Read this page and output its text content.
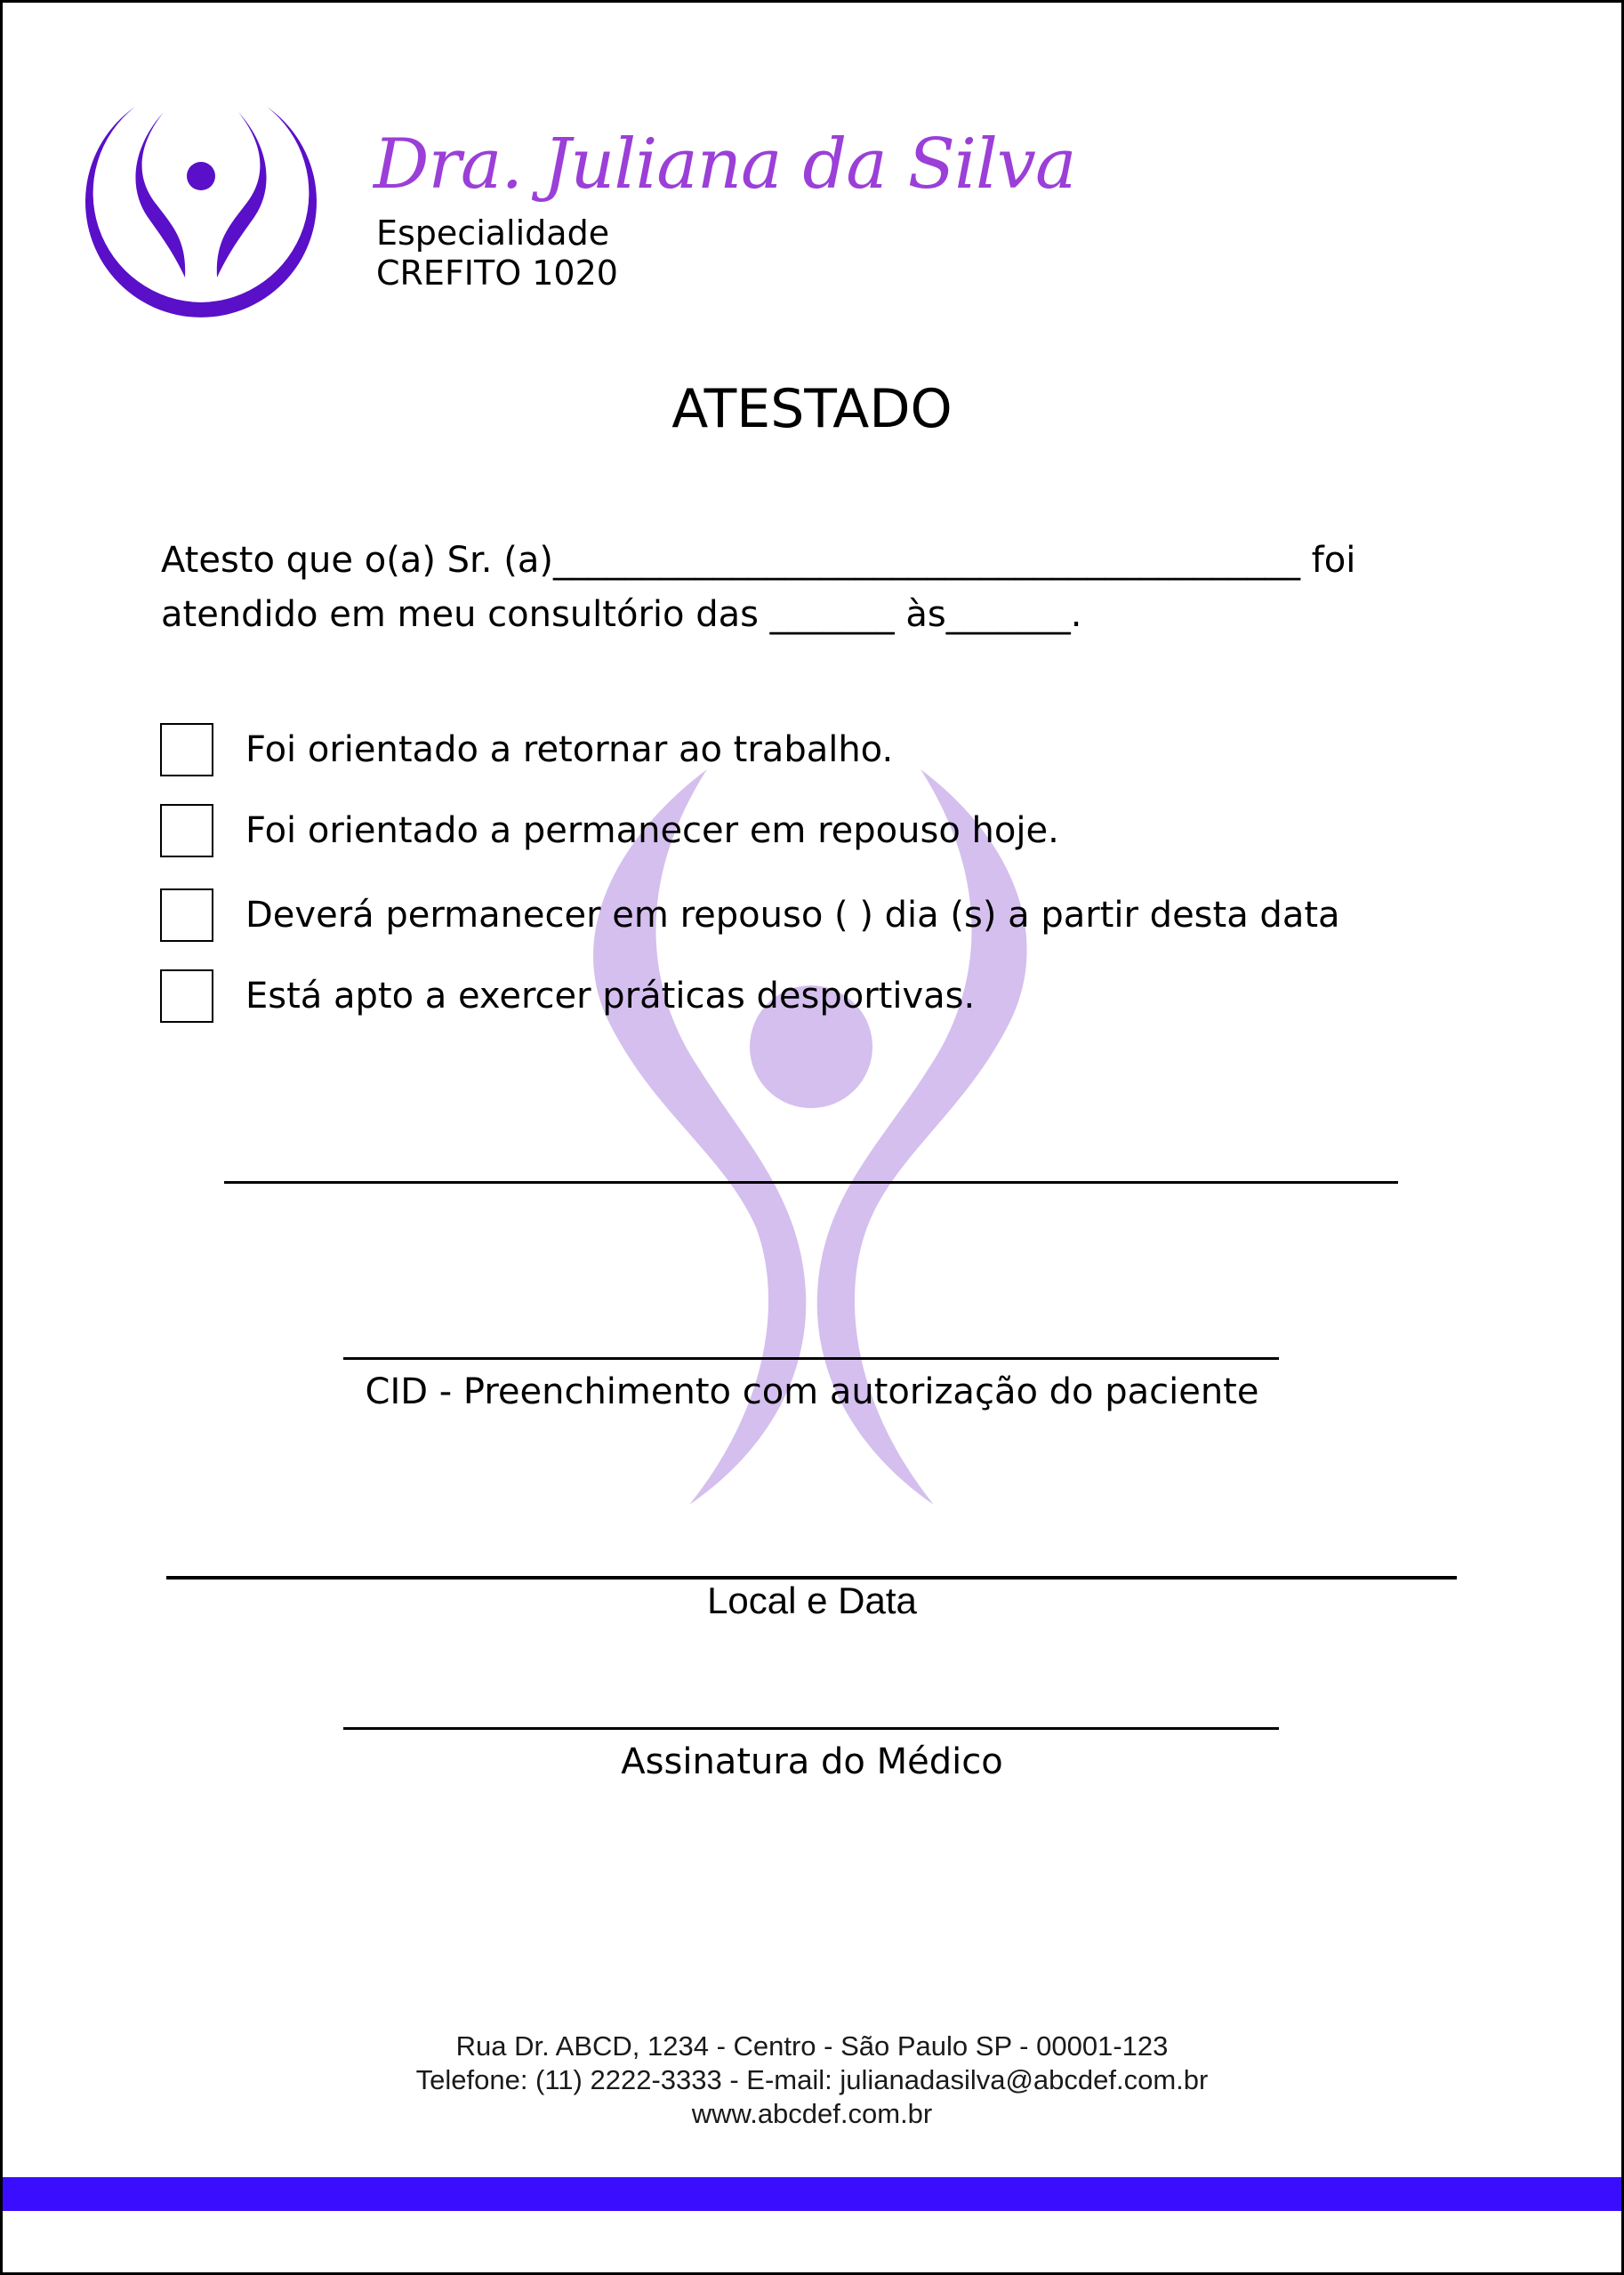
Dra. Juliana da Silva
Especialidade
CREFITO 1020
ATESTADO
Atesto que o(a) Sr. (a)__________________________________________ foi
atendido em meu consultório das _______ às_______.
Foi orientado a retornar ao trabalho.
Foi orientado a permanecer em repouso hoje.
Deverá permanecer em repouso ( ) dia (s) a partir desta data
Está apto a exercer práticas desportivas.
CID - Preenchimento com autorização do paciente
Local e Data
Assinatura do Médico
Rua Dr. ABCD, 1234 - Centro - São Paulo SP - 00001-123
Telefone: (11) 2222-3333 - E-mail: julianadasilva@abcdef.com.br
www.abcdef.com.br
